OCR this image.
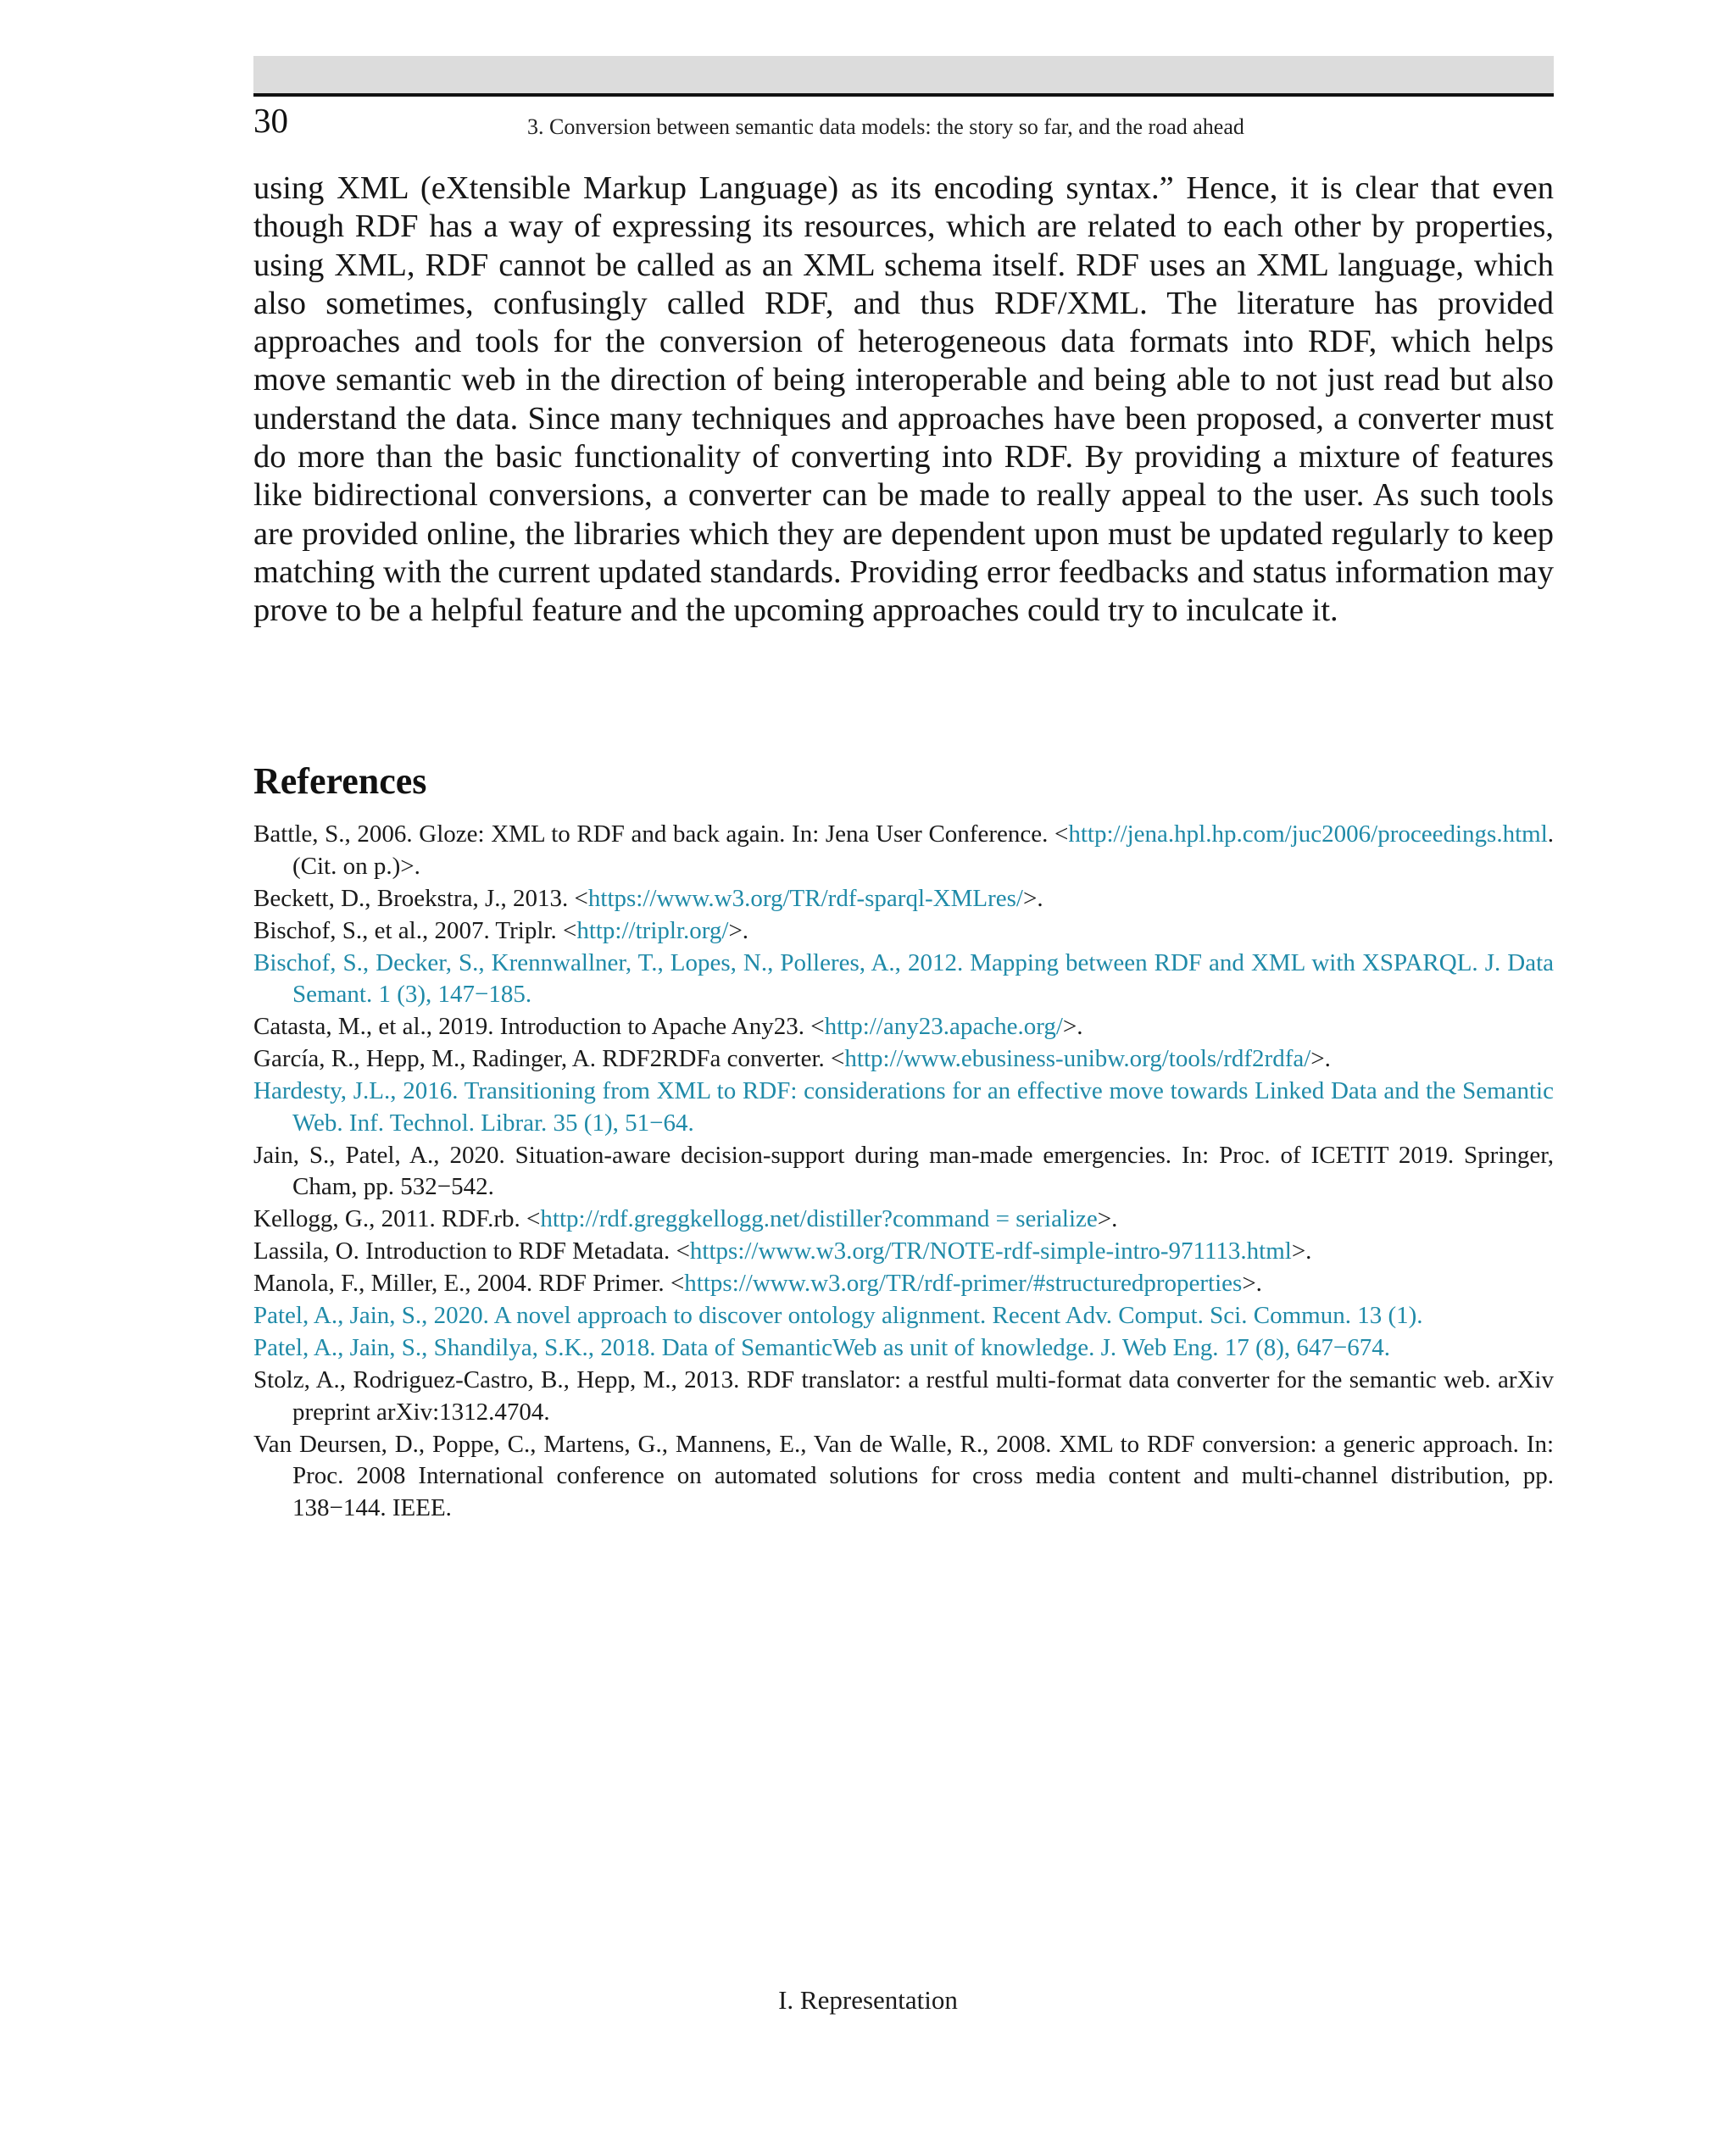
30	3. Conversion between semantic data models: the story so far, and the road ahead

using XML (eXtensible Markup Language) as its encoding syntax.” Hence, it is clear that even though RDF has a way of expressing its resources, which are related to each other by properties, using XML, RDF cannot be called as an XML schema itself. RDF uses an XML language, which also sometimes, confusingly called RDF, and thus RDF/XML. The literature has provided approaches and tools for the conversion of heterogeneous data formats into RDF, which helps move semantic web in the direction of being interoperable and being able to not just read but also understand the data. Since many techniques and approaches have been proposed, a converter must do more than the basic functionality of converting into RDF. By providing a mixture of features like bidirectional conversions, a converter can be made to really appeal to the user. As such tools are provided online, the libraries which they are dependent upon must be updated regularly to keep matching with the current updated standards. Providing error feedbacks and status information may prove to be a helpful feature and the upcoming approaches could try to inculcate it.

References
Battle, S., 2006. Gloze: XML to RDF and back again. In: Jena User Conference. <http://jena.hpl.hp.com/juc2006/proceedings.html. (Cit. on p.)>.
Beckett, D., Broekstra, J., 2013. <https://www.w3.org/TR/rdf-sparql-XMLres/>.
Bischof, S., et al., 2007. Triplr. <http://triplr.org/>.
Bischof, S., Decker, S., Krennwallner, T., Lopes, N., Polleres, A., 2012. Mapping between RDF and XML with XSPARQL. J. Data Semant. 1 (3), 147−185.
Catasta, M., et al., 2019. Introduction to Apache Any23. <http://any23.apache.org/>.
García, R., Hepp, M., Radinger, A. RDF2RDFa converter. <http://www.ebusiness-unibw.org/tools/rdf2rdfa/>.
Hardesty, J.L., 2016. Transitioning from XML to RDF: considerations for an effective move towards Linked Data and the Semantic Web. Inf. Technol. Librar. 35 (1), 51−64.
Jain, S., Patel, A., 2020. Situation-aware decision-support during man-made emergencies. In: Proc. of ICETIT 2019. Springer, Cham, pp. 532−542.
Kellogg, G., 2011. RDF.rb. <http://rdf.greggkellogg.net/distiller?command = serialize>.
Lassila, O. Introduction to RDF Metadata. <https://www.w3.org/TR/NOTE-rdf-simple-intro-971113.html>.
Manola, F., Miller, E., 2004. RDF Primer. <https://www.w3.org/TR/rdf-primer/#structuredproperties>.
Patel, A., Jain, S., 2020. A novel approach to discover ontology alignment. Recent Adv. Comput. Sci. Commun. 13 (1).
Patel, A., Jain, S., Shandilya, S.K., 2018. Data of SemanticWeb as unit of knowledge. J. Web Eng. 17 (8), 647−674.
Stolz, A., Rodriguez-Castro, B., Hepp, M., 2013. RDF translator: a restful multi-format data converter for the semantic web. arXiv preprint arXiv:1312.4704.
Van Deursen, D., Poppe, C., Martens, G., Mannens, E., Van de Walle, R., 2008. XML to RDF conversion: a generic approach. In: Proc. 2008 International conference on automated solutions for cross media content and multi-channel distribution, pp. 138−144. IEEE.
I. Representation
